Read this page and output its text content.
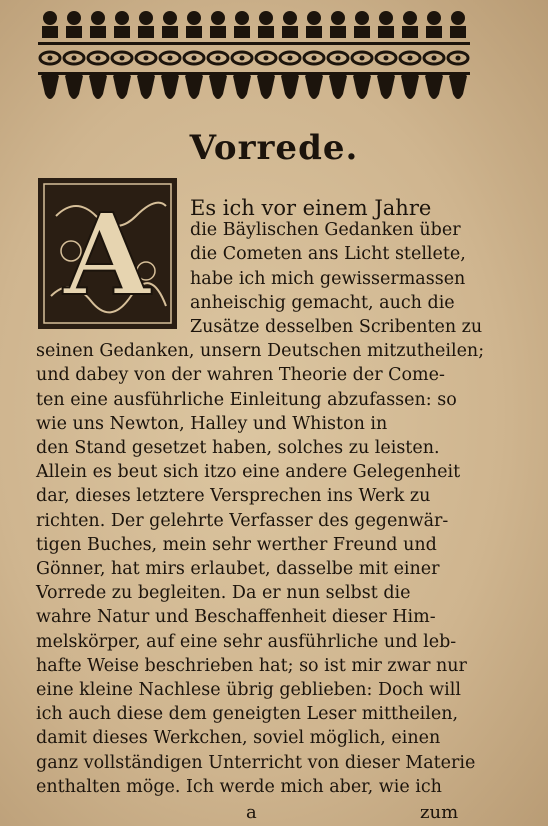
Vorrede.
A Es ich vor einem Jahre
die Bäylischen Gedanken über
die Cometen ans Licht stellete,
habe ich mich gewissermassen
anheischig gemacht, auch die
Zusätze desselben Scribenten zu
seinen Gedanken, unsern Deutschen mitzutheilen;
und dabey von der wahren Theorie der Come-
ten eine ausführliche Einleitung abzufassen: so
wie uns Newton, Halley und Whiston in
den Stand gesetzet haben, solches zu leisten.
Allein es beut sich itzo eine andere Gelegenheit
dar, dieses letztere Versprechen ins Werk zu
richten. Der gelehrte Verfasser des gegenwär-
tigen Buches, mein sehr werther Freund und
Gönner, hat mirs erlaubet, dasselbe mit einer
Vorrede zu begleiten. Da er nun selbst die
wahre Natur und Beschaffenheit dieser Him-
melskörper, auf eine sehr ausführliche und leb-
hafte Weise beschrieben hat; so ist mir zwar nur
eine kleine Nachlese übrig geblieben: Doch will
ich auch diese dem geneigten Leser mittheilen,
damit dieses Werkchen, soviel möglich, einen
ganz vollständigen Unterricht von dieser Materie
enthalten möge. Ich werde mich aber, wie ich
a	zum
